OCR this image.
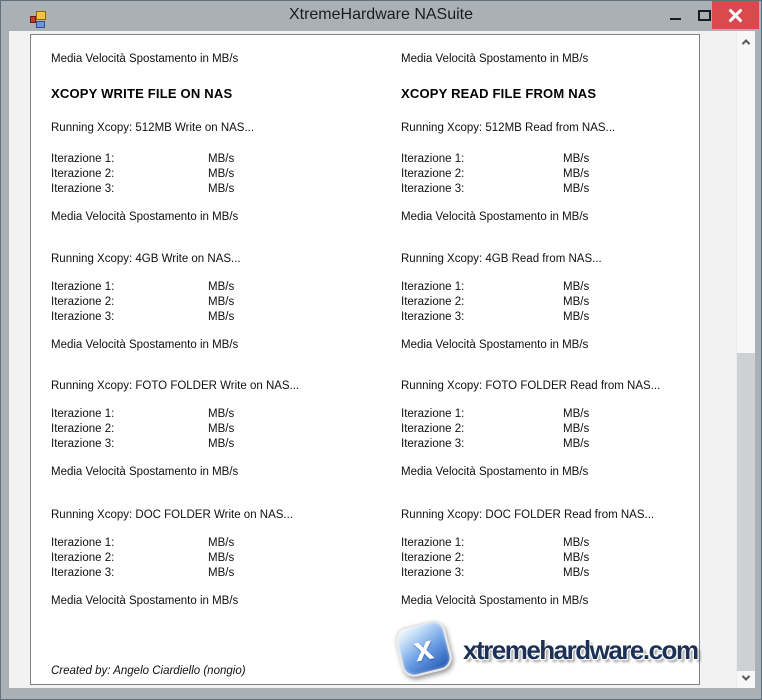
XtremeHardware NASuite
Media Velocità Spostamento in MB/s
XCOPY WRITE FILE ON NAS
Running Xcopy: 512MB Write on NAS...
Iterazione 1:	MB/s
Iterazione 2:	MB/s
Iterazione 3:	MB/s
Media Velocità Spostamento in MB/s
Running Xcopy: 4GB Write on NAS...
Iterazione 1:	MB/s
Iterazione 2:	MB/s
Iterazione 3:	MB/s
Media Velocità Spostamento in MB/s
Running Xcopy: FOTO FOLDER Write on NAS...
Iterazione 1:	MB/s
Iterazione 2:	MB/s
Iterazione 3:	MB/s
Media Velocità Spostamento in MB/s
Running Xcopy: DOC FOLDER Write on NAS...
Iterazione 1:	MB/s
Iterazione 2:	MB/s
Iterazione 3:	MB/s
Media Velocità Spostamento in MB/s
Media Velocità Spostamento in MB/s
XCOPY READ FILE FROM NAS
Running Xcopy: 512MB Read from NAS...
Iterazione 1:	MB/s
Iterazione 2:	MB/s
Iterazione 3:	MB/s
Media Velocità Spostamento in MB/s
Running Xcopy: 4GB Read from NAS...
Iterazione 1:	MB/s
Iterazione 2:	MB/s
Iterazione 3:	MB/s
Media Velocità Spostamento in MB/s
Running Xcopy: FOTO FOLDER Read from NAS...
Iterazione 1:	MB/s
Iterazione 2:	MB/s
Iterazione 3:	MB/s
Media Velocità Spostamento in MB/s
Running Xcopy: DOC FOLDER Read from NAS...
Iterazione 1:	MB/s
Iterazione 2:	MB/s
Iterazione 3:	MB/s
Media Velocità Spostamento in MB/s
Created by: Angelo Ciardiello (nongio)
x xtremehardware.com
